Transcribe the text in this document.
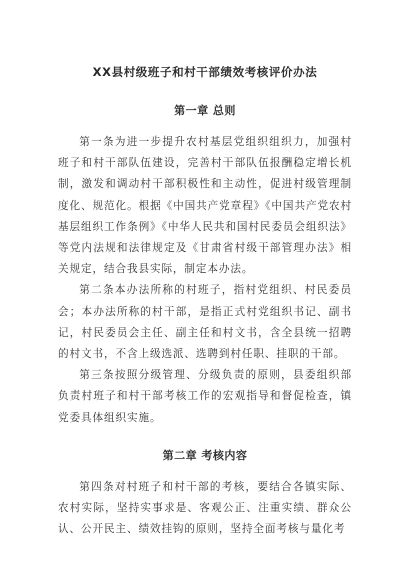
XX县村级班子和村干部绩效考核评价办法
第一章 总则

第一条为进一步提升农村基层党组织组织力，加强村班子和村干部队伍建设，完善村干部队伍报酬稳定增长机制，激发和调动村干部积极性和主动性，促进村级管理制度化、规范化。根据《中国共产党章程》《中国共产党农村基层组织工作条例》《中华人民共和国村民委员会组织法》等党内法规和法律规定及《甘肃省村级干部管理办法》相关规定，结合我县实际，制定本办法。

第二条本办法所称的村班子，指村党组织、村民委员会；本办法所称的村干部，是指正式村党组织书记、副书记，村民委员会主任、副主任和村文书，含全县统一招聘的村文书，不含上级选派、选聘到村任职、挂职的干部。

第三条按照分级管理、分级负责的原则，县委组织部负责村班子和村干部考核工作的宏观指导和督促检查，镇党委具体组织实施。

第二章 考核内容

第四条对村班子和村干部的考核，要结合各镇实际、农村实际，坚持实事求是、客观公正、注重实绩、群众公认、公开民主、绩效挂钩的原则，坚持全面考核与量化考
